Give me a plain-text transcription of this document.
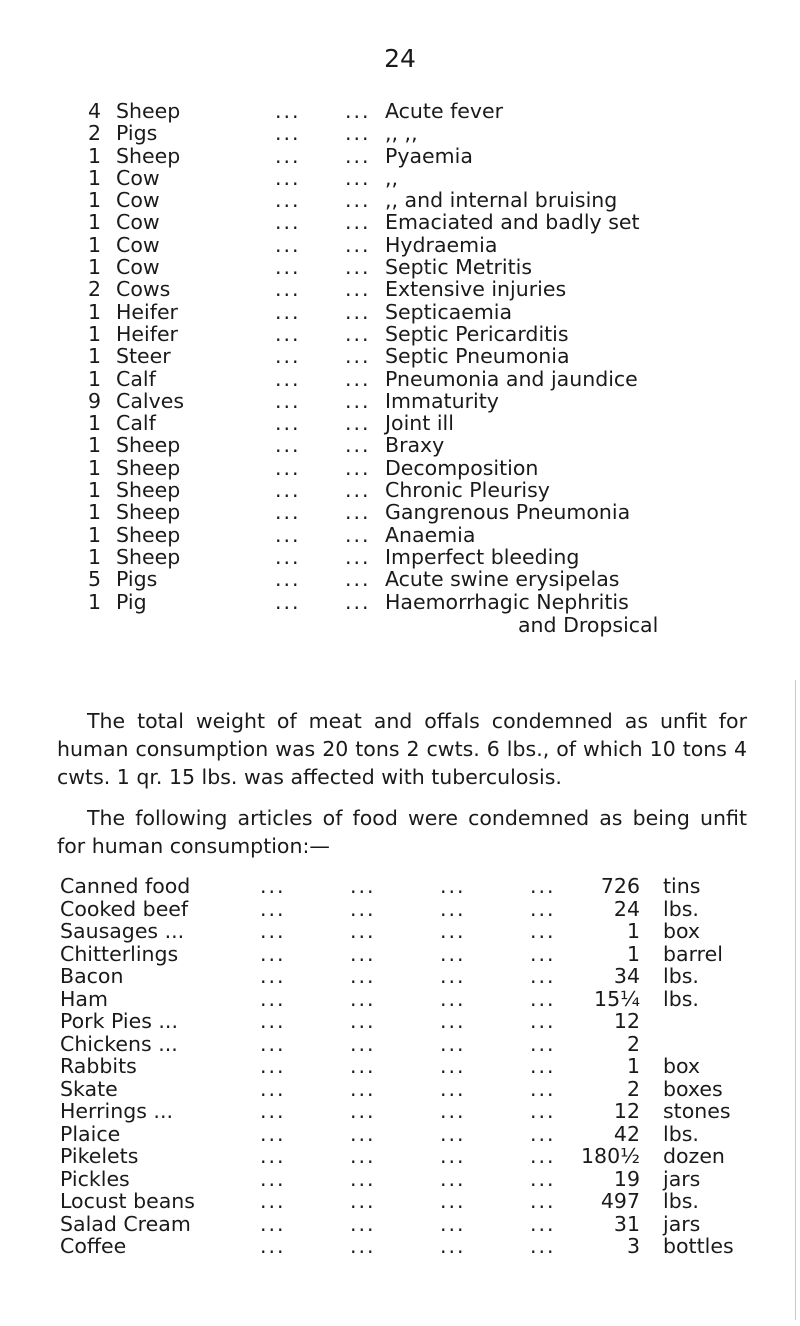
24
4 Sheep	... ... Acute fever
2 Pigs	... ... ,, ,,
1 Sheep	... ... Pyaemia
1 Cow	... ... ,,
1 Cow	... ... ,, and internal bruising
1 Cow	... ... Emaciated and badly set
1 Cow	... ... Hydraemia
1 Cow	... ... Septic Metritis
2 Cows	... ... Extensive injuries
1 Heifer	... ... Septicaemia
1 Heifer	... ... Septic Pericarditis
1 Steer	... ... Septic Pneumonia
1 Calf	... ... Pneumonia and jaundice
9 Calves	... ... Immaturity
1 Calf	... ... Joint ill
1 Sheep	... ... Braxy
1 Sheep	... ... Decomposition
1 Sheep	... ... Chronic Pleurisy
1 Sheep	... ... Gangrenous Pneumonia
1 Sheep	... ... Anaemia
1 Sheep	... ... Imperfect bleeding
5 Pigs	... ... Acute swine erysipelas
1 Pig	... ... Haemorrhagic Nephritis
and Dropsical

The total weight of meat and offals condemned as unfit for human consumption was 20 tons 2 cwts. 6 lbs., of which 10 tons 4 cwts. 1 qr. 15 lbs. was affected with tuberculosis.

The following articles of food were condemned as being unfit for human consumption:—

Canned food	...	...	...	...	726 tins
Cooked beef	...	...	...	...	24 lbs.
Sausages ...	...	...	...	...	1 box
Chitterlings	...	...	...	...	1 barrel
Bacon	...	...	...	...	34 lbs.
Ham	...	...	...	...	15¼ lbs.
Pork Pies ...	...	...	...	...	12
Chickens ...	...	...	...	...	2
Rabbits	...	...	...	...	1 box
Skate	...	...	...	...	2 boxes
Herrings ...	...	...	...	...	12 stones
Plaice	...	...	...	...	42 lbs.
Pikelets	...	...	...	... 180½ dozen
Pickles	...	...	...	...	19 jars
Locust beans	...	...	...	...	497 lbs.
Salad Cream	...	...	...	...	31 jars
Coffee	...	...	...	...	3 bottles
